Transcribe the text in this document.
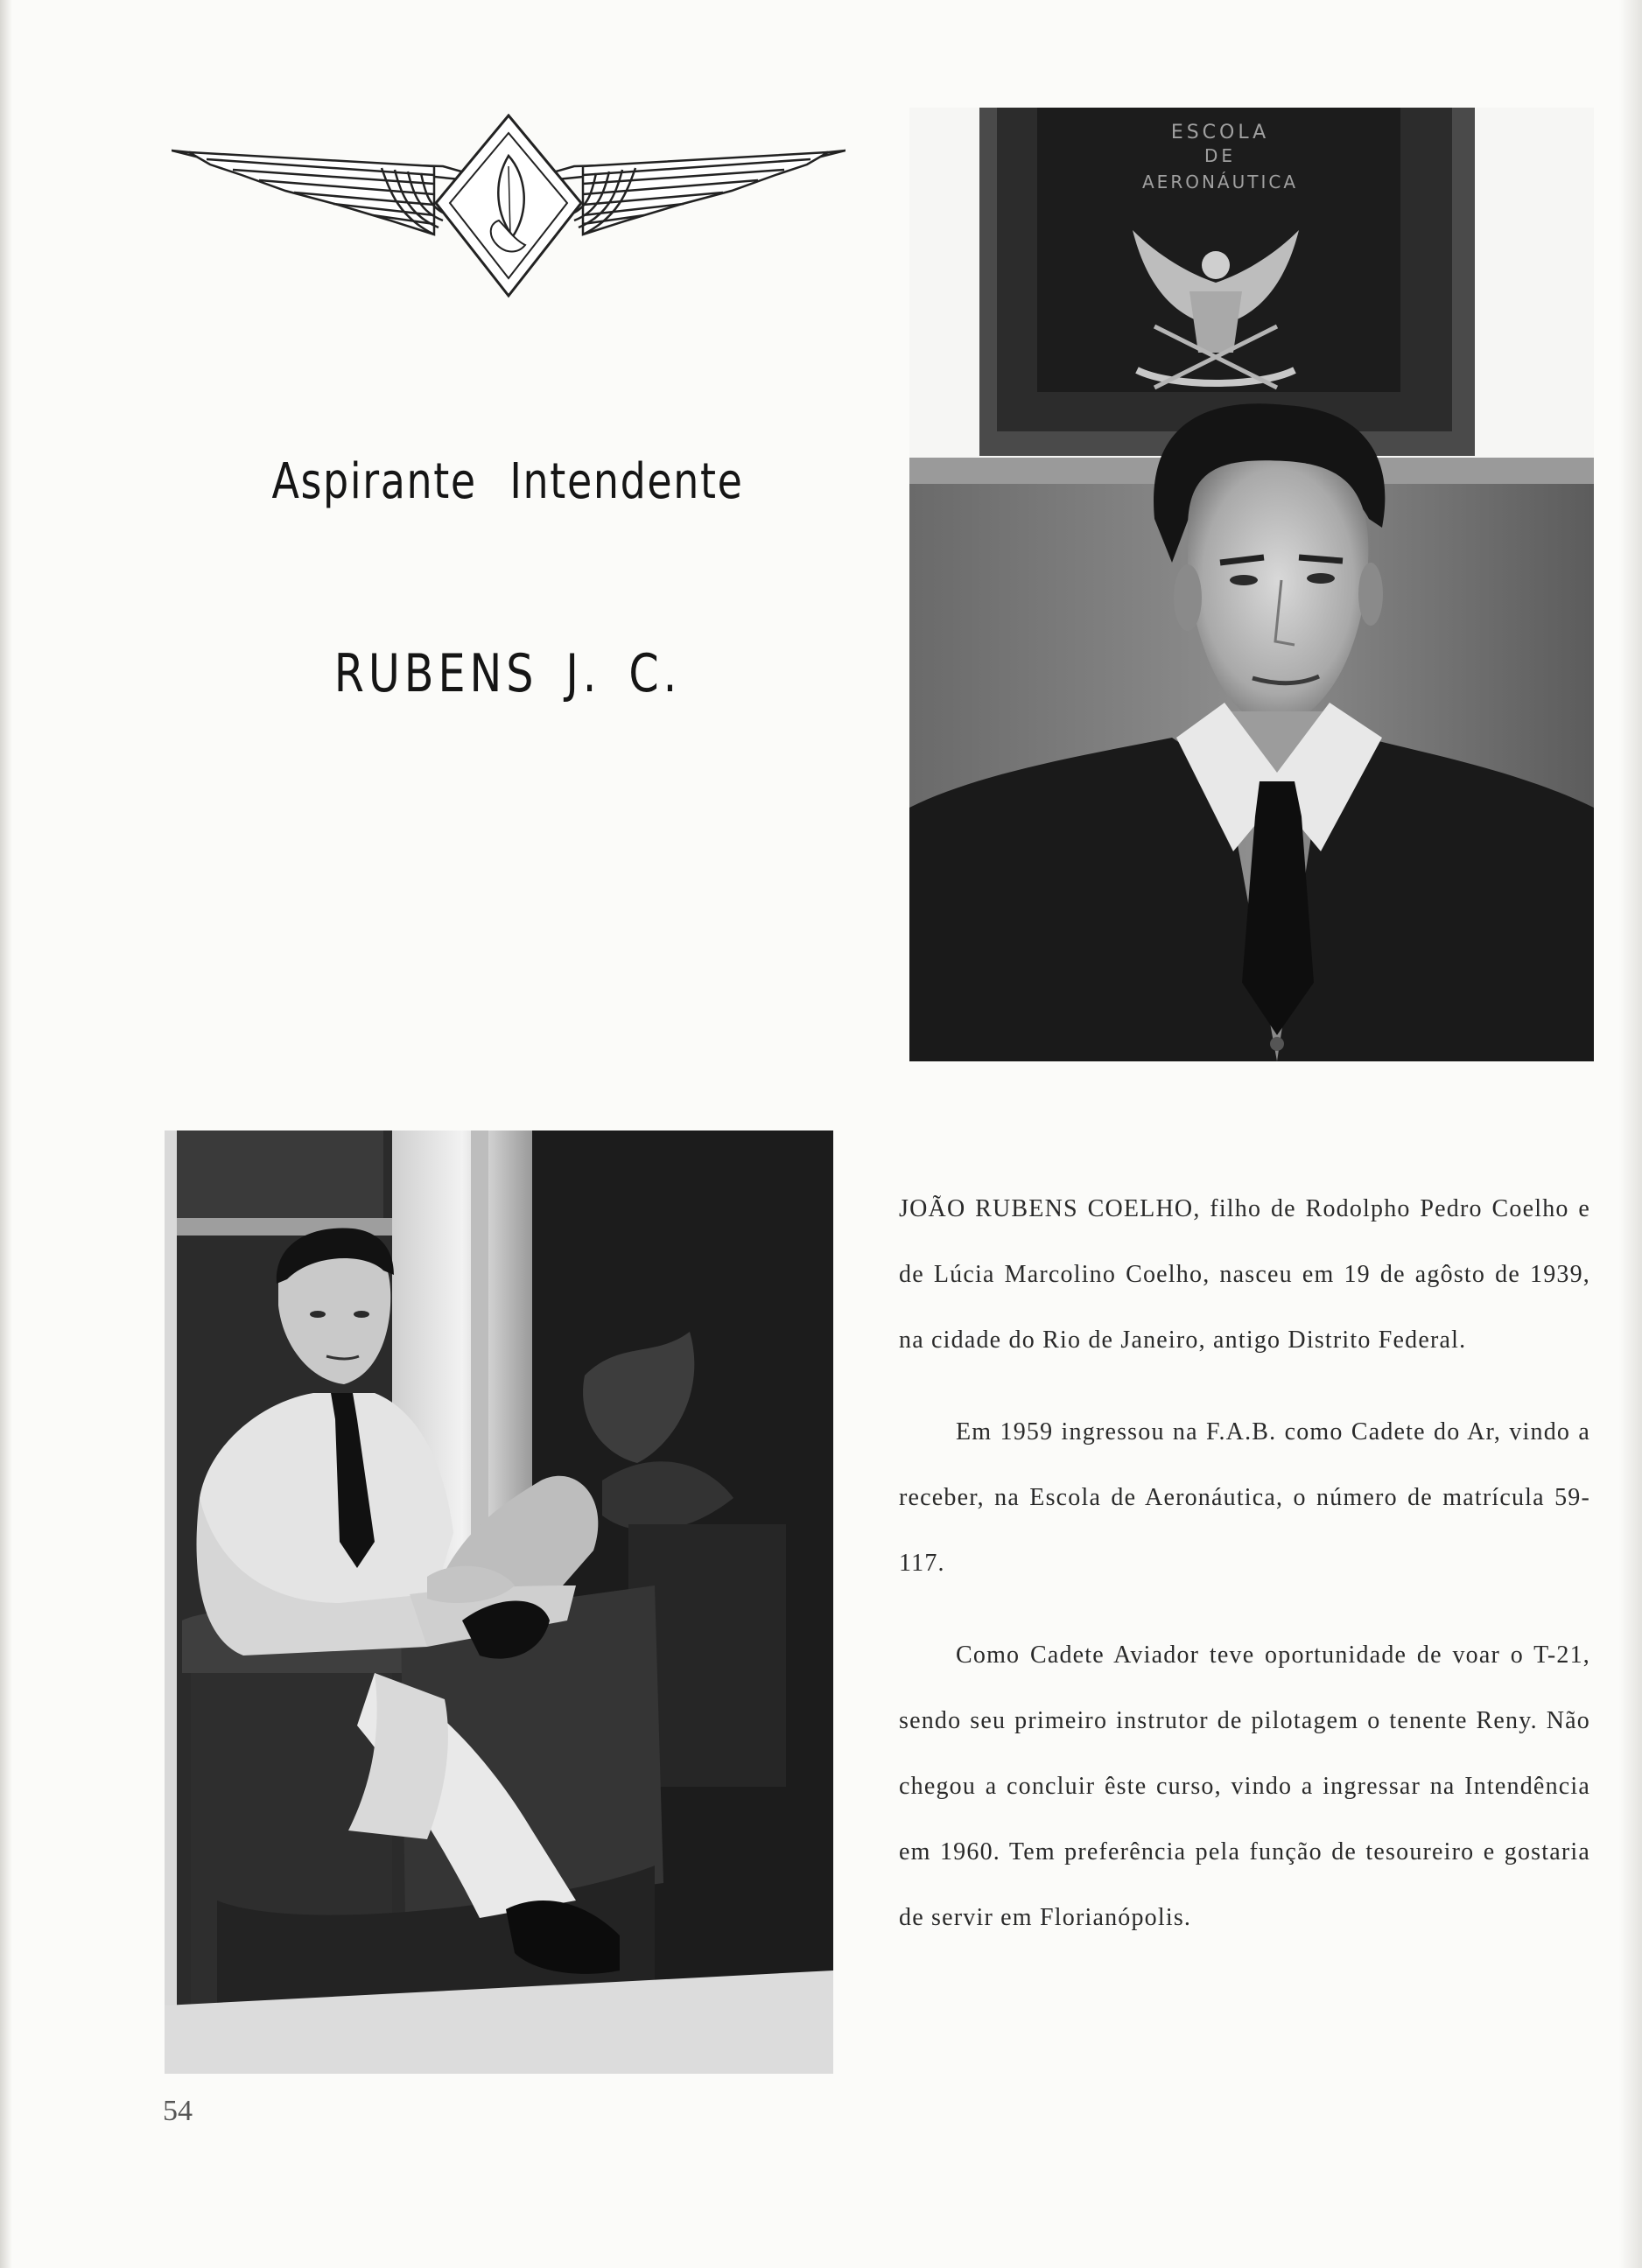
Aspirante Intendente
RUBENS J. C.
ESCOLA
DE
AERONÁUTICA

JOÃO RUBENS COELHO, filho de Rodolpho Pedro Coelho e de Lúcia Marcolino Coelho, nasceu em 19 de agôsto de 1939, na cidade do Rio de Janeiro, antigo Distrito Federal.

Em 1959 ingressou na F.A.B. como Cadete do Ar, vindo a receber, na Escola de Aeronáutica, o número de matrícula 59-117.

Como Cadete Aviador teve oportunidade de voar o T-21, sendo seu primeiro instrutor de pilotagem o tenente Reny. Não chegou a concluir êste curso, vindo a ingressar na Intendência em 1960. Tem preferência pela função de tesoureiro e gostaria de servir em Florianópolis.

54
